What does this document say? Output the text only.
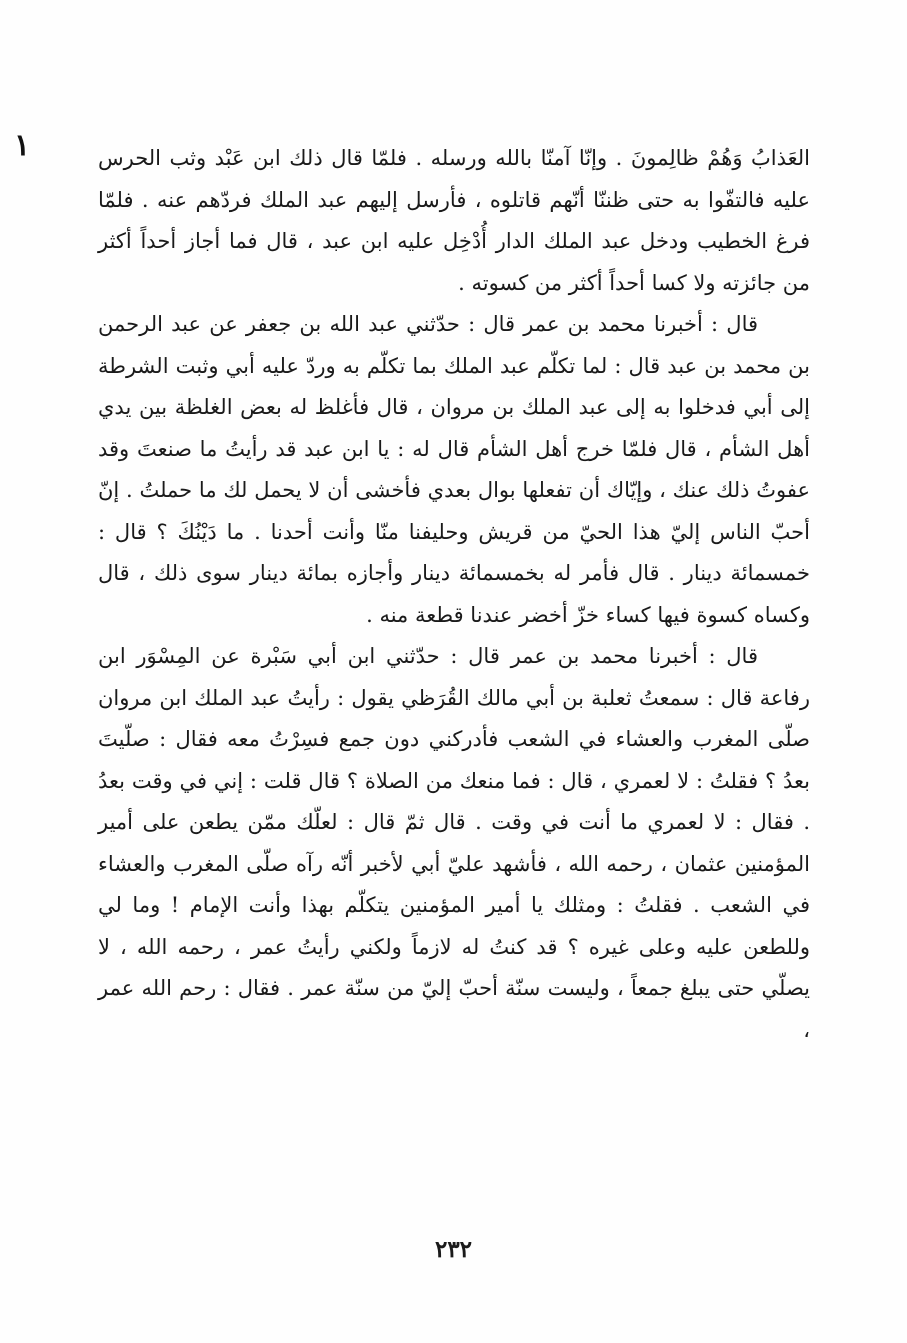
١	العَذابُ وَهُمْ ظالِمونَ . وإنّا آمنّا بالله ورسله . فلمّا قال ذلك ابن عَبْد وثب الحرس عليه فالتفّوا به حتى ظننّا أنّهم قاتلوه ، فأرسل إليهم عبد الملك فردّهم عنه . فلمّا فرغ الخطيب ودخل عبد الملك الدار أُدْخِل عليه ابن عبد ، قال فما أجاز أحداً أكثر من جائزته ولا كسا أحداً أكثر من كسوته .

قال : أخبرنا محمد بن عمر قال : حدّثني عبد الله بن جعفر عن عبد الرحمن بن محمد بن عبد قال : لما تكلّم عبد الملك بما تكلّم به وردّ عليه أبي وثبت الشرطة إلى أبي فدخلوا به إلى عبد الملك بن مروان ، قال فأغلظ له بعض الغلظة بين يدي أهل الشأم ، قال فلمّا خرج أهل الشأم قال له : يا ابن عبد قد رأيتُ ما صنعتَ وقد عفوتُ ذلك عنك ، وإيّاك أن تفعلها بوال بعدي فأخشى أن لا يحمل لك ما حملتُ . إنّ أحبّ الناس إليّ هذا الحيّ من قريش وحليفنا منّا وأنت أحدنا . ما دَيْنُكَ ؟ قال : خمسمائة دينار . قال فأمر له بخمسمائة دينار وأجازه بمائة دينار سوى ذلك ، قال وكساه كسوة فيها كساء خزّ أخضر عندنا قطعة منه .

قال : أخبرنا محمد بن عمر قال : حدّثني ابن أبي سَبْرة عن المِسْوَر ابن رفاعة قال : سمعتُ ثعلبة بن أبي مالك القُرَظي يقول : رأيتُ عبد الملك ابن مروان صلّى المغرب والعشاء في الشعب فأدركني دون جمع فسِرْتُ معه فقال : صلّيتَ بعدُ ؟ فقلتُ : لا لعمري ، قال : فما منعك من الصلاة ؟ قال قلت : إني في وقت بعدُ . فقال : لا لعمري ما أنت في وقت . قال ثمّ قال : لعلّك ممّن يطعن على أمير المؤمنين عثمان ، رحمه الله ، فأشهد عليّ أبي لأخبر أنّه رآه صلّى المغرب والعشاء في الشعب . فقلتُ : ومثلك يا أمير المؤمنين يتكلّم بهذا وأنت الإمام ! وما لي وللطعن عليه وعلى غيره ؟ قد كنتُ له لازماً ولكني رأيتُ عمر ، رحمه الله ، لا يصلّي حتى يبلغ جمعاً ، وليست سنّة أحبّ إليّ من سنّة عمر . فقال : رحم الله عمر ،

٢٣٢
